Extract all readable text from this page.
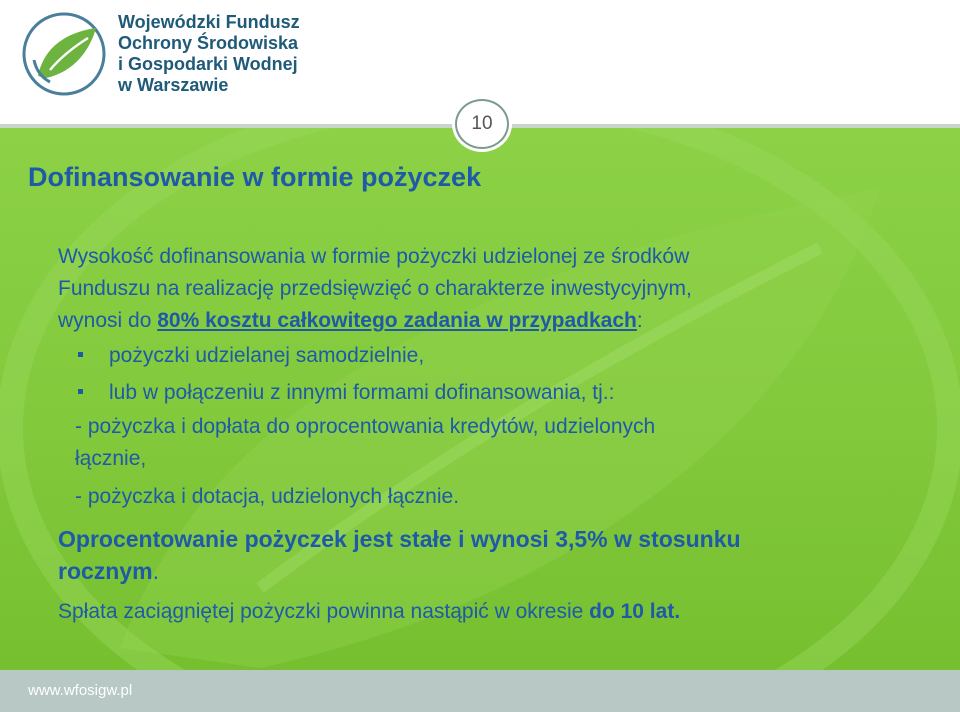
Wojewódzki Fundusz
Ochrony Środowiska
i Gospodarki Wodnej
w Warszawie
Dofinansowanie w formie pożyczek
Wysokość dofinansowania w formie pożyczki udzielonej ze środków
Funduszu na realizację przedsięwzięć o charakterze inwestycyjnym,
wynosi do 80% kosztu całkowitego zadania w przypadkach:
pożyczki udzielanej samodzielnie,
lub w połączeniu z innymi formami dofinansowania, tj.:
- pożyczka i dopłata do oprocentowania kredytów, udzielonych
łącznie,
- pożyczka i dotacja, udzielonych łącznie.
Oprocentowanie pożyczek jest stałe i wynosi 3,5% w stosunku
rocznym.
Spłata zaciągniętej pożyczki powinna nastąpić w okresie do 10 lat.
10
www.wfosigw.pl
